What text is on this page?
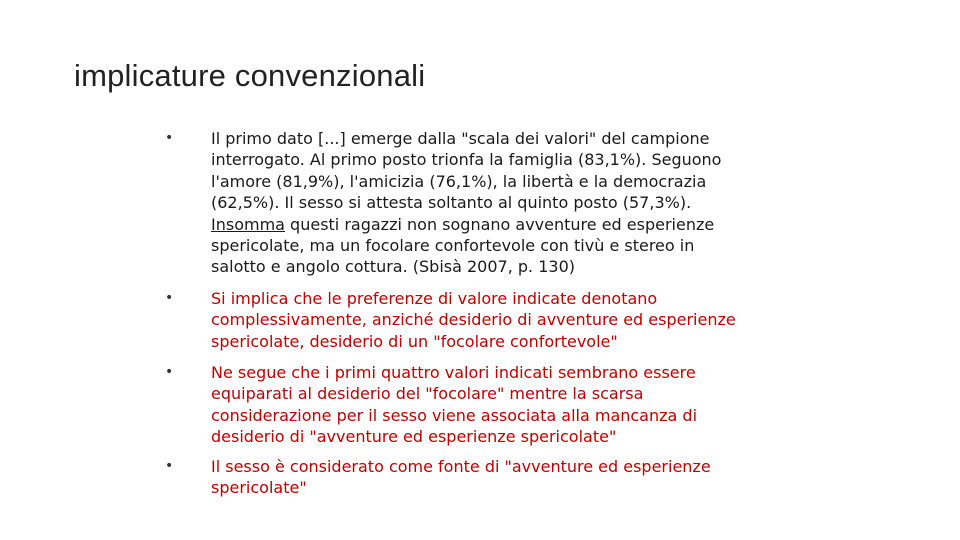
implicature convenzionali
• Il primo dato [...] emerge dalla "scala dei valori" del campione
interrogato. Al primo posto trionfa la famiglia (83,1%). Seguono
l'amore (81,9%), l'amicizia (76,1%), la libertà e la democrazia
(62,5%). Il sesso si attesta soltanto al quinto posto (57,3%).
Insomma questi ragazzi non sognano avventure ed esperienze
spericolate, ma un focolare confortevole con tivù e stereo in
salotto e angolo cottura. (Sbisà 2007, p. 130)
• Si implica che le preferenze di valore indicate denotano
complessivamente, anziché desiderio di avventure ed esperienze
spericolate, desiderio di un "focolare confortevole"
• Ne segue che i primi quattro valori indicati sembrano essere
equiparati al desiderio del "focolare" mentre la scarsa
considerazione per il sesso viene associata alla mancanza di
desiderio di "avventure ed esperienze spericolate"
• Il sesso è considerato come fonte di "avventure ed esperienze
spericolate"
